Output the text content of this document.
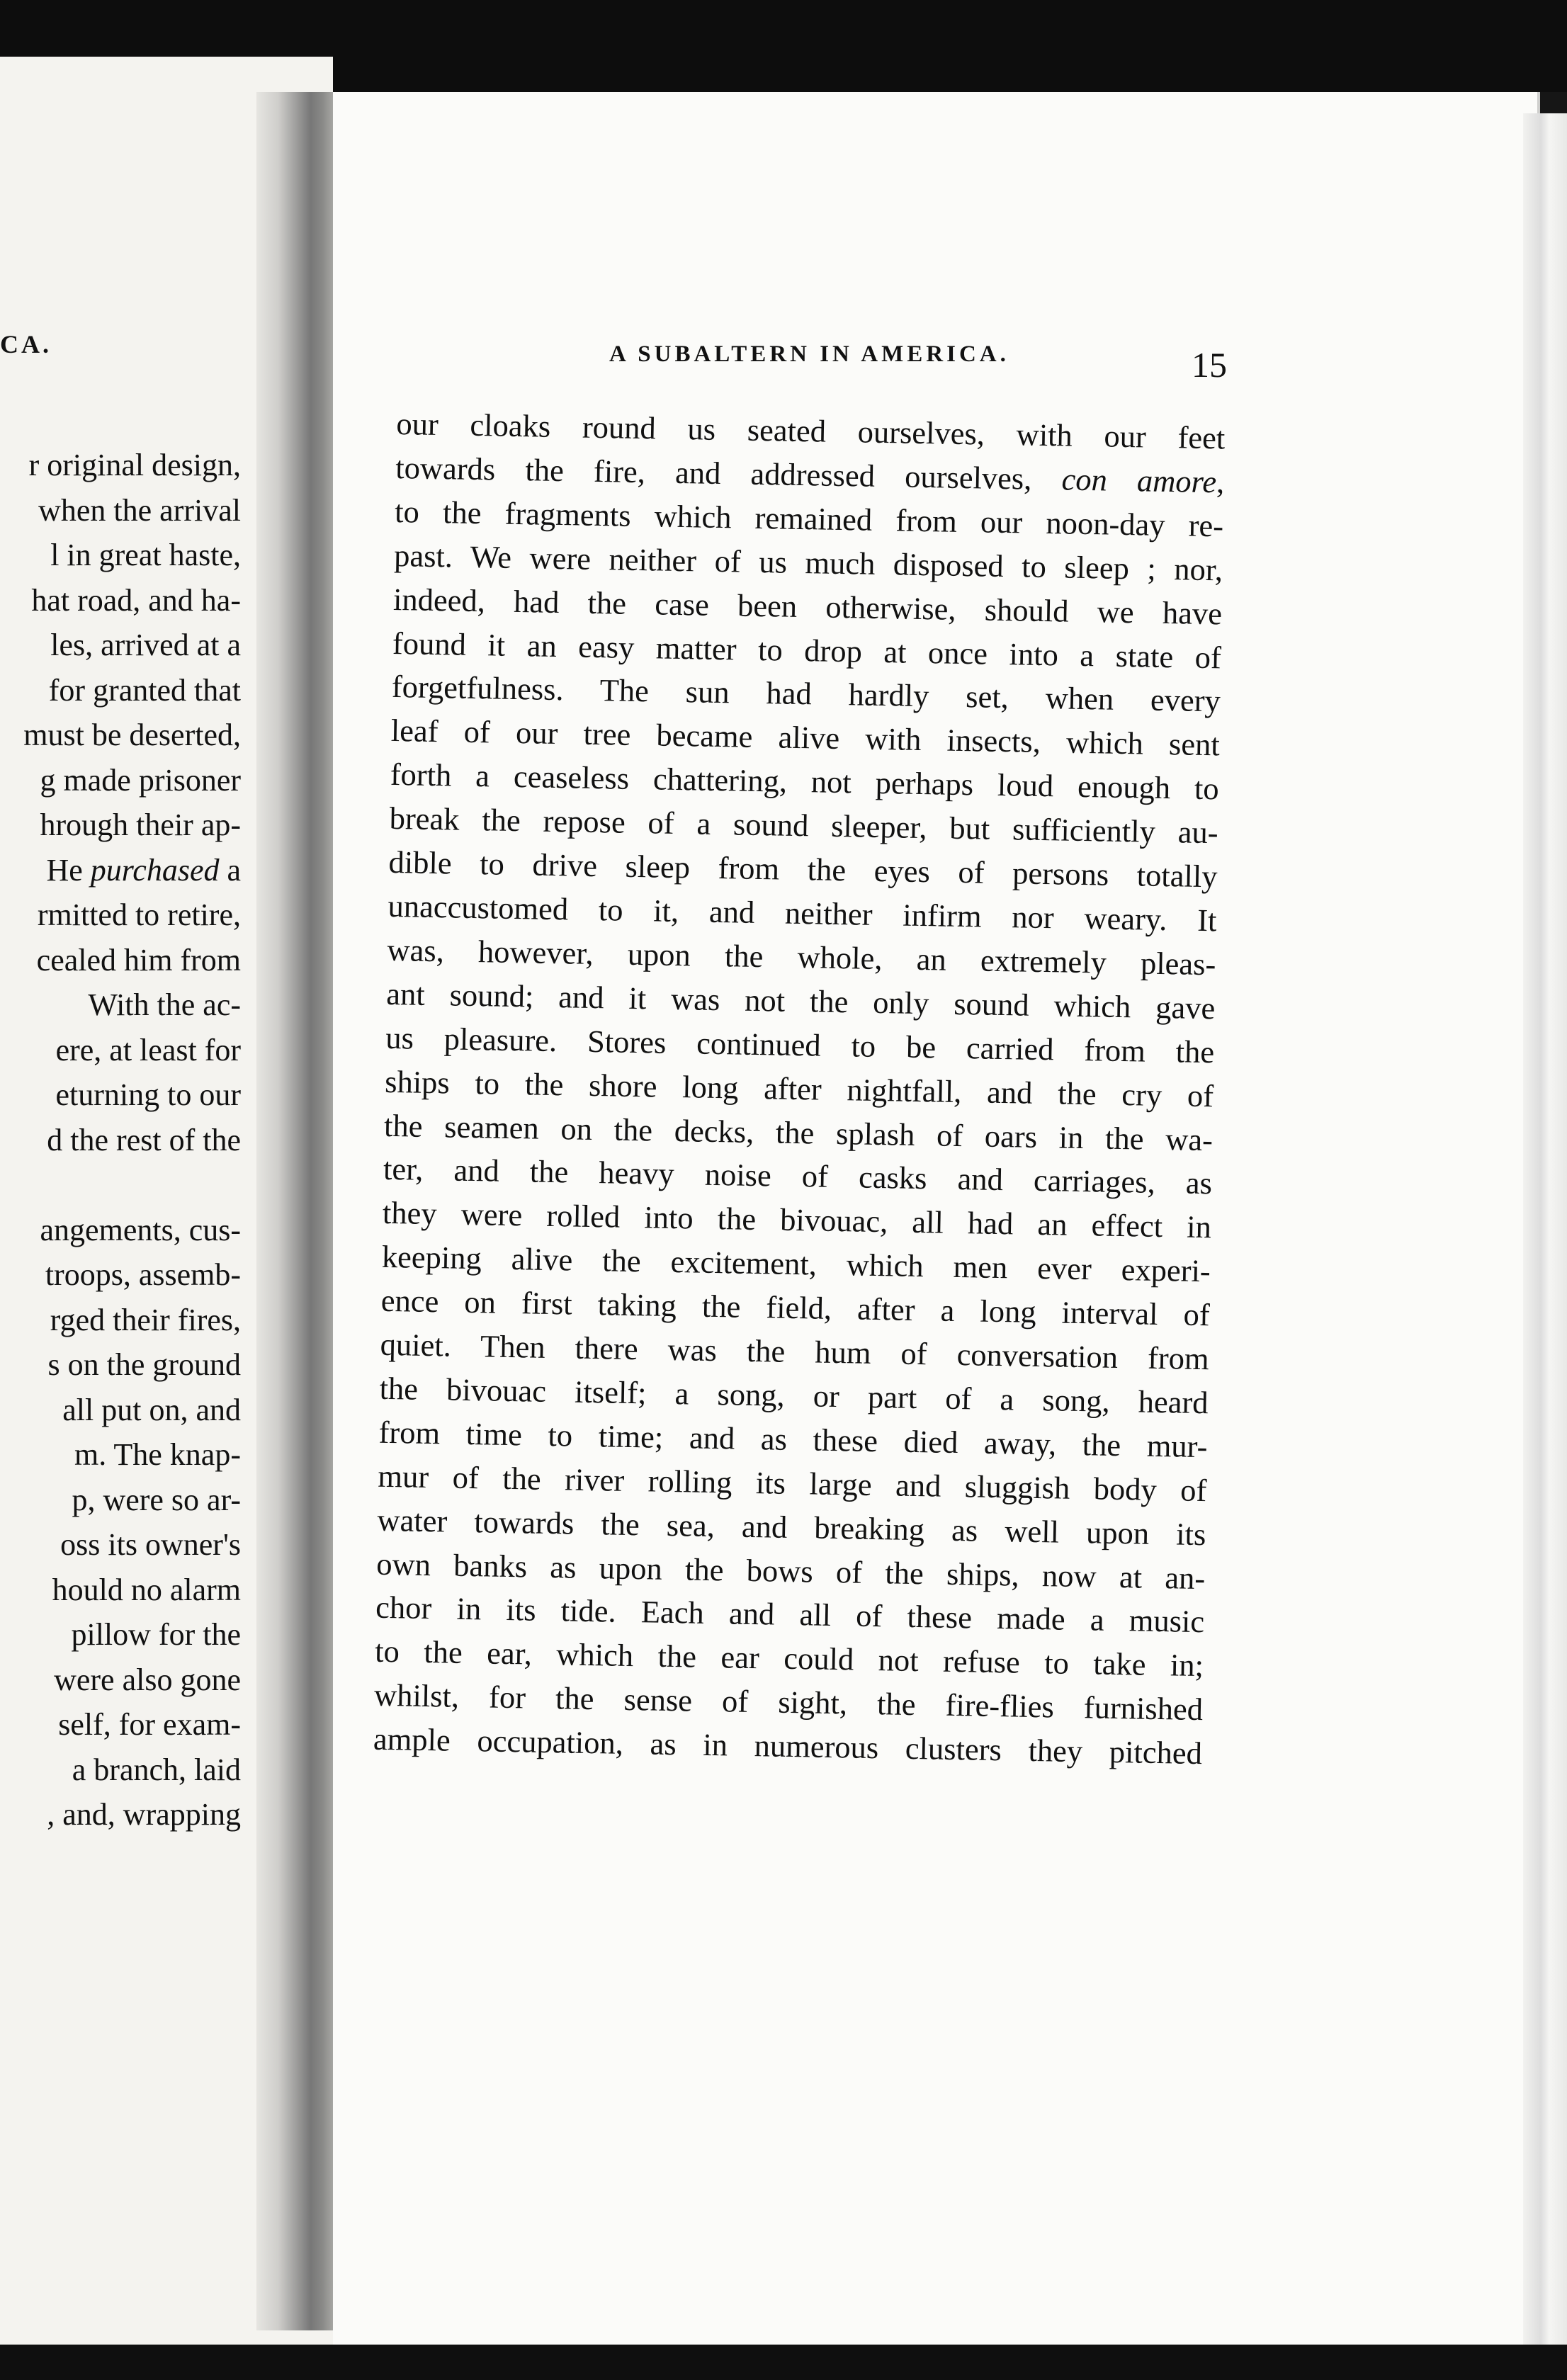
CA.
r original design,
when the arrival
l in great haste,
hat road, and ha-
les, arrived at a
for granted that
must be deserted,
g made prisoner
hrough their ap-
He purchased a
rmitted to retire,
cealed him from
With the ac-
ere, at least for
eturning to our
d the rest of the

angements, cus-
troops, assemb-
rged their fires,
s on the ground
all put on, and
m. The knap-
p, were so ar-
oss its owner's
hould no alarm
pillow for the
were also gone
self, for exam-
a branch, laid
, and, wrapping
A SUBALTERN IN AMERICA.	15
our cloaks round us seated ourselves, with our feet
towards the fire, and addressed ourselves, con amore,
to the fragments which remained from our noon-day re-
past. We were neither of us much disposed to sleep ; nor,
indeed, had the case been otherwise, should we have
found it an easy matter to drop at once into a state of
forgetfulness. The sun had hardly set, when every
leaf of our tree became alive with insects, which sent
forth a ceaseless chattering, not perhaps loud enough to
break the repose of a sound sleeper, but sufficiently au-
dible to drive sleep from the eyes of persons totally
unaccustomed to it, and neither infirm nor weary. It
was, however, upon the whole, an extremely pleas-
ant sound; and it was not the only sound which gave
us pleasure. Stores continued to be carried from the
ships to the shore long after nightfall, and the cry of
the seamen on the decks, the splash of oars in the wa-
ter, and the heavy noise of casks and carriages, as
they were rolled into the bivouac, all had an effect in
keeping alive the excitement, which men ever experi-
ence on first taking the field, after a long interval of
quiet. Then there was the hum of conversation from
the bivouac itself; a song, or part of a song, heard
from time to time; and as these died away, the mur-
mur of the river rolling its large and sluggish body of
water towards the sea, and breaking as well upon its
own banks as upon the bows of the ships, now at an-
chor in its tide. Each and all of these made a music
to the ear, which the ear could not refuse to take in;
whilst, for the sense of sight, the fire-flies furnished
ample occupation, as in numerous clusters they pitched
